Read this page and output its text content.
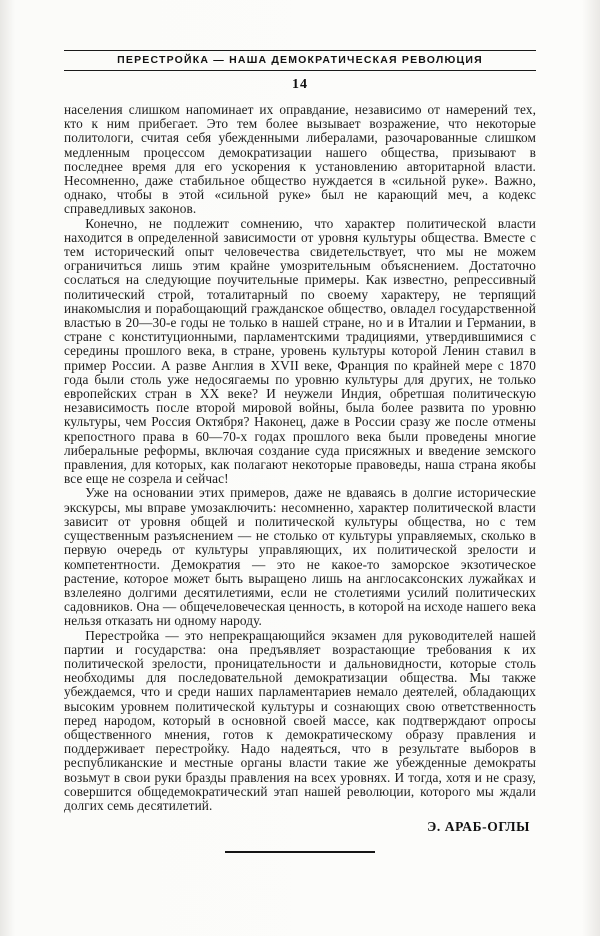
ПЕРЕСТРОЙКА — НАША ДЕМОКРАТИЧЕСКАЯ РЕВОЛЮЦИЯ
14

населения слишком напоминает их оправдание, независимо от намерений тех, кто к ним прибегает. Это тем более вызывает возражение, что некоторые политологи, считая себя убежденными либералами, разочарованные слишком медленным процессом демократизации нашего общества, призывают в последнее время для его ускорения к установлению авторитарной власти. Несомненно, даже стабильное общество нуждается в «сильной руке». Важно, однако, чтобы в этой «сильной руке» был не карающий меч, а кодекс справедливых законов.

Конечно, не подлежит сомнению, что характер политической власти находится в определенной зависимости от уровня культуры общества. Вместе с тем исторический опыт человечества свидетельствует, что мы не можем ограничиться лишь этим крайне умозрительным объяснением. Достаточно сослаться на следующие поучительные примеры. Как известно, репрессивный политический строй, тоталитарный по своему характеру, не терпящий инакомыслия и порабощающий гражданское общество, овладел государственной властью в 20—30-е годы не только в нашей стране, но и в Италии и Германии, в стране с конституционными, парламентскими традициями, утвердившимися с середины прошлого века, в стране, уровень культуры которой Ленин ставил в пример России. А разве Англия в XVII веке, Франция по крайней мере с 1870 года были столь уже недосягаемы по уровню культуры для других, не только европейских стран в XX веке? И неужели Индия, обретшая политическую независимость после второй мировой войны, была более развита по уровню культуры, чем Россия Октября? Наконец, даже в России сразу же после отмены крепостного права в 60—70-х годах прошлого века были проведены многие либеральные реформы, включая создание суда присяжных и введение земского правления, для которых, как полагают некоторые правоведы, наша страна якобы все еще не созрела и сейчас!

Уже на основании этих примеров, даже не вдаваясь в долгие исторические экскурсы, мы вправе умозаключить: несомненно, характер политической власти зависит от уровня общей и политической культуры общества, но с тем существенным разъяснением — не столько от культуры управляемых, сколько в первую очередь от культуры управляющих, их политической зрелости и компетентности. Демократия — это не какое-то заморское экзотическое растение, которое может быть выращено лишь на англосаксонских лужайках и взлелеяно долгими десятилетиями, если не столетиями усилий политических садовников. Она — общечеловеческая ценность, в которой на исходе нашего века нельзя отказать ни одному народу.

Перестройка — это непрекращающийся экзамен для руководителей нашей партии и государства: она предъявляет возрастающие требования к их политической зрелости, проницательности и дальновидности, которые столь необходимы для последовательной демократизации общества. Мы также убеждаемся, что и среди наших парламентариев немало деятелей, обладающих высоким уровнем политической культуры и сознающих свою ответственность перед народом, который в основной своей массе, как подтверждают опросы общественного мнения, готов к демократическому образу правления и поддерживает перестройку. Надо надеяться, что в результате выборов в республиканские и местные органы власти такие же убежденные демократы возьмут в свои руки бразды правления на всех уровнях. И тогда, хотя и не сразу, совершится общедемократический этап нашей революции, которого мы ждали долгих семь десятилетий.

Э. АРАБ-ОГЛЫ
